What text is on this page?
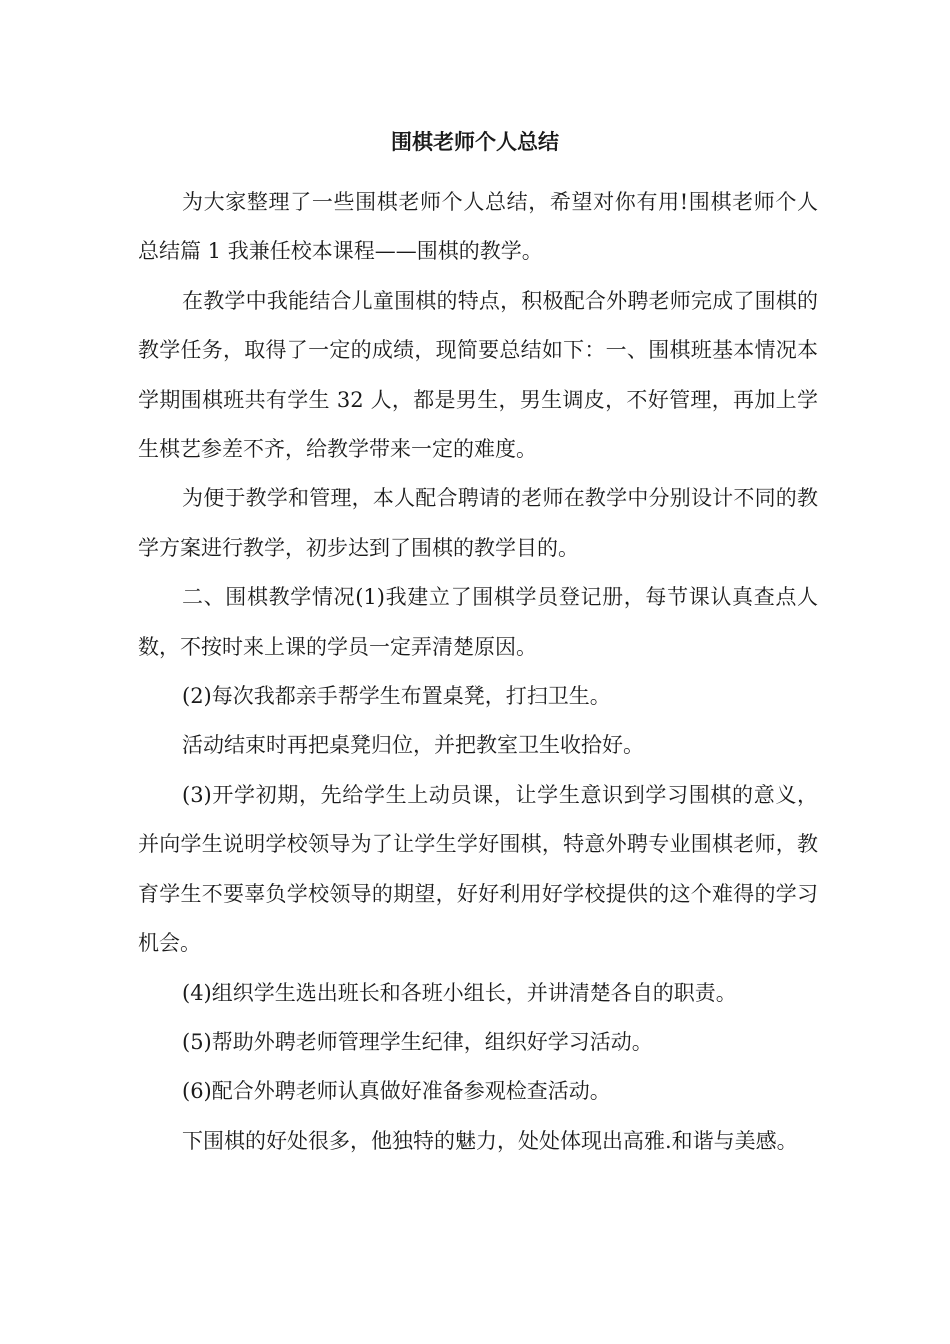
围棋老师个人总结

为大家整理了一些围棋老师个人总结，希望对你有用!围棋老师个人总结篇 1 我兼任校本课程——围棋的教学。

在教学中我能结合儿童围棋的特点，积极配合外聘老师完成了围棋的教学任务，取得了一定的成绩，现简要总结如下：一、围棋班基本情况本学期围棋班共有学生 32 人，都是男生，男生调皮，不好管理，再加上学生棋艺参差不齐，给教学带来一定的难度。

为便于教学和管理，本人配合聘请的老师在教学中分别设计不同的教学方案进行教学，初步达到了围棋的教学目的。

二、围棋教学情况(1)我建立了围棋学员登记册，每节课认真查点人数，不按时来上课的学员一定弄清楚原因。

(2)每次我都亲手帮学生布置桌凳，打扫卫生。

活动结束时再把桌凳归位，并把教室卫生收拾好。

(3)开学初期，先给学生上动员课，让学生意识到学习围棋的意义，并向学生说明学校领导为了让学生学好围棋，特意外聘专业围棋老师，教育学生不要辜负学校领导的期望，好好利用好学校提供的这个难得的学习机会。

(4)组织学生选出班长和各班小组长，并讲清楚各自的职责。

(5)帮助外聘老师管理学生纪律，组织好学习活动。

(6)配合外聘老师认真做好准备参观检查活动。

下围棋的好处很多，他独特的魅力，处处体现出高雅.和谐与美感。
